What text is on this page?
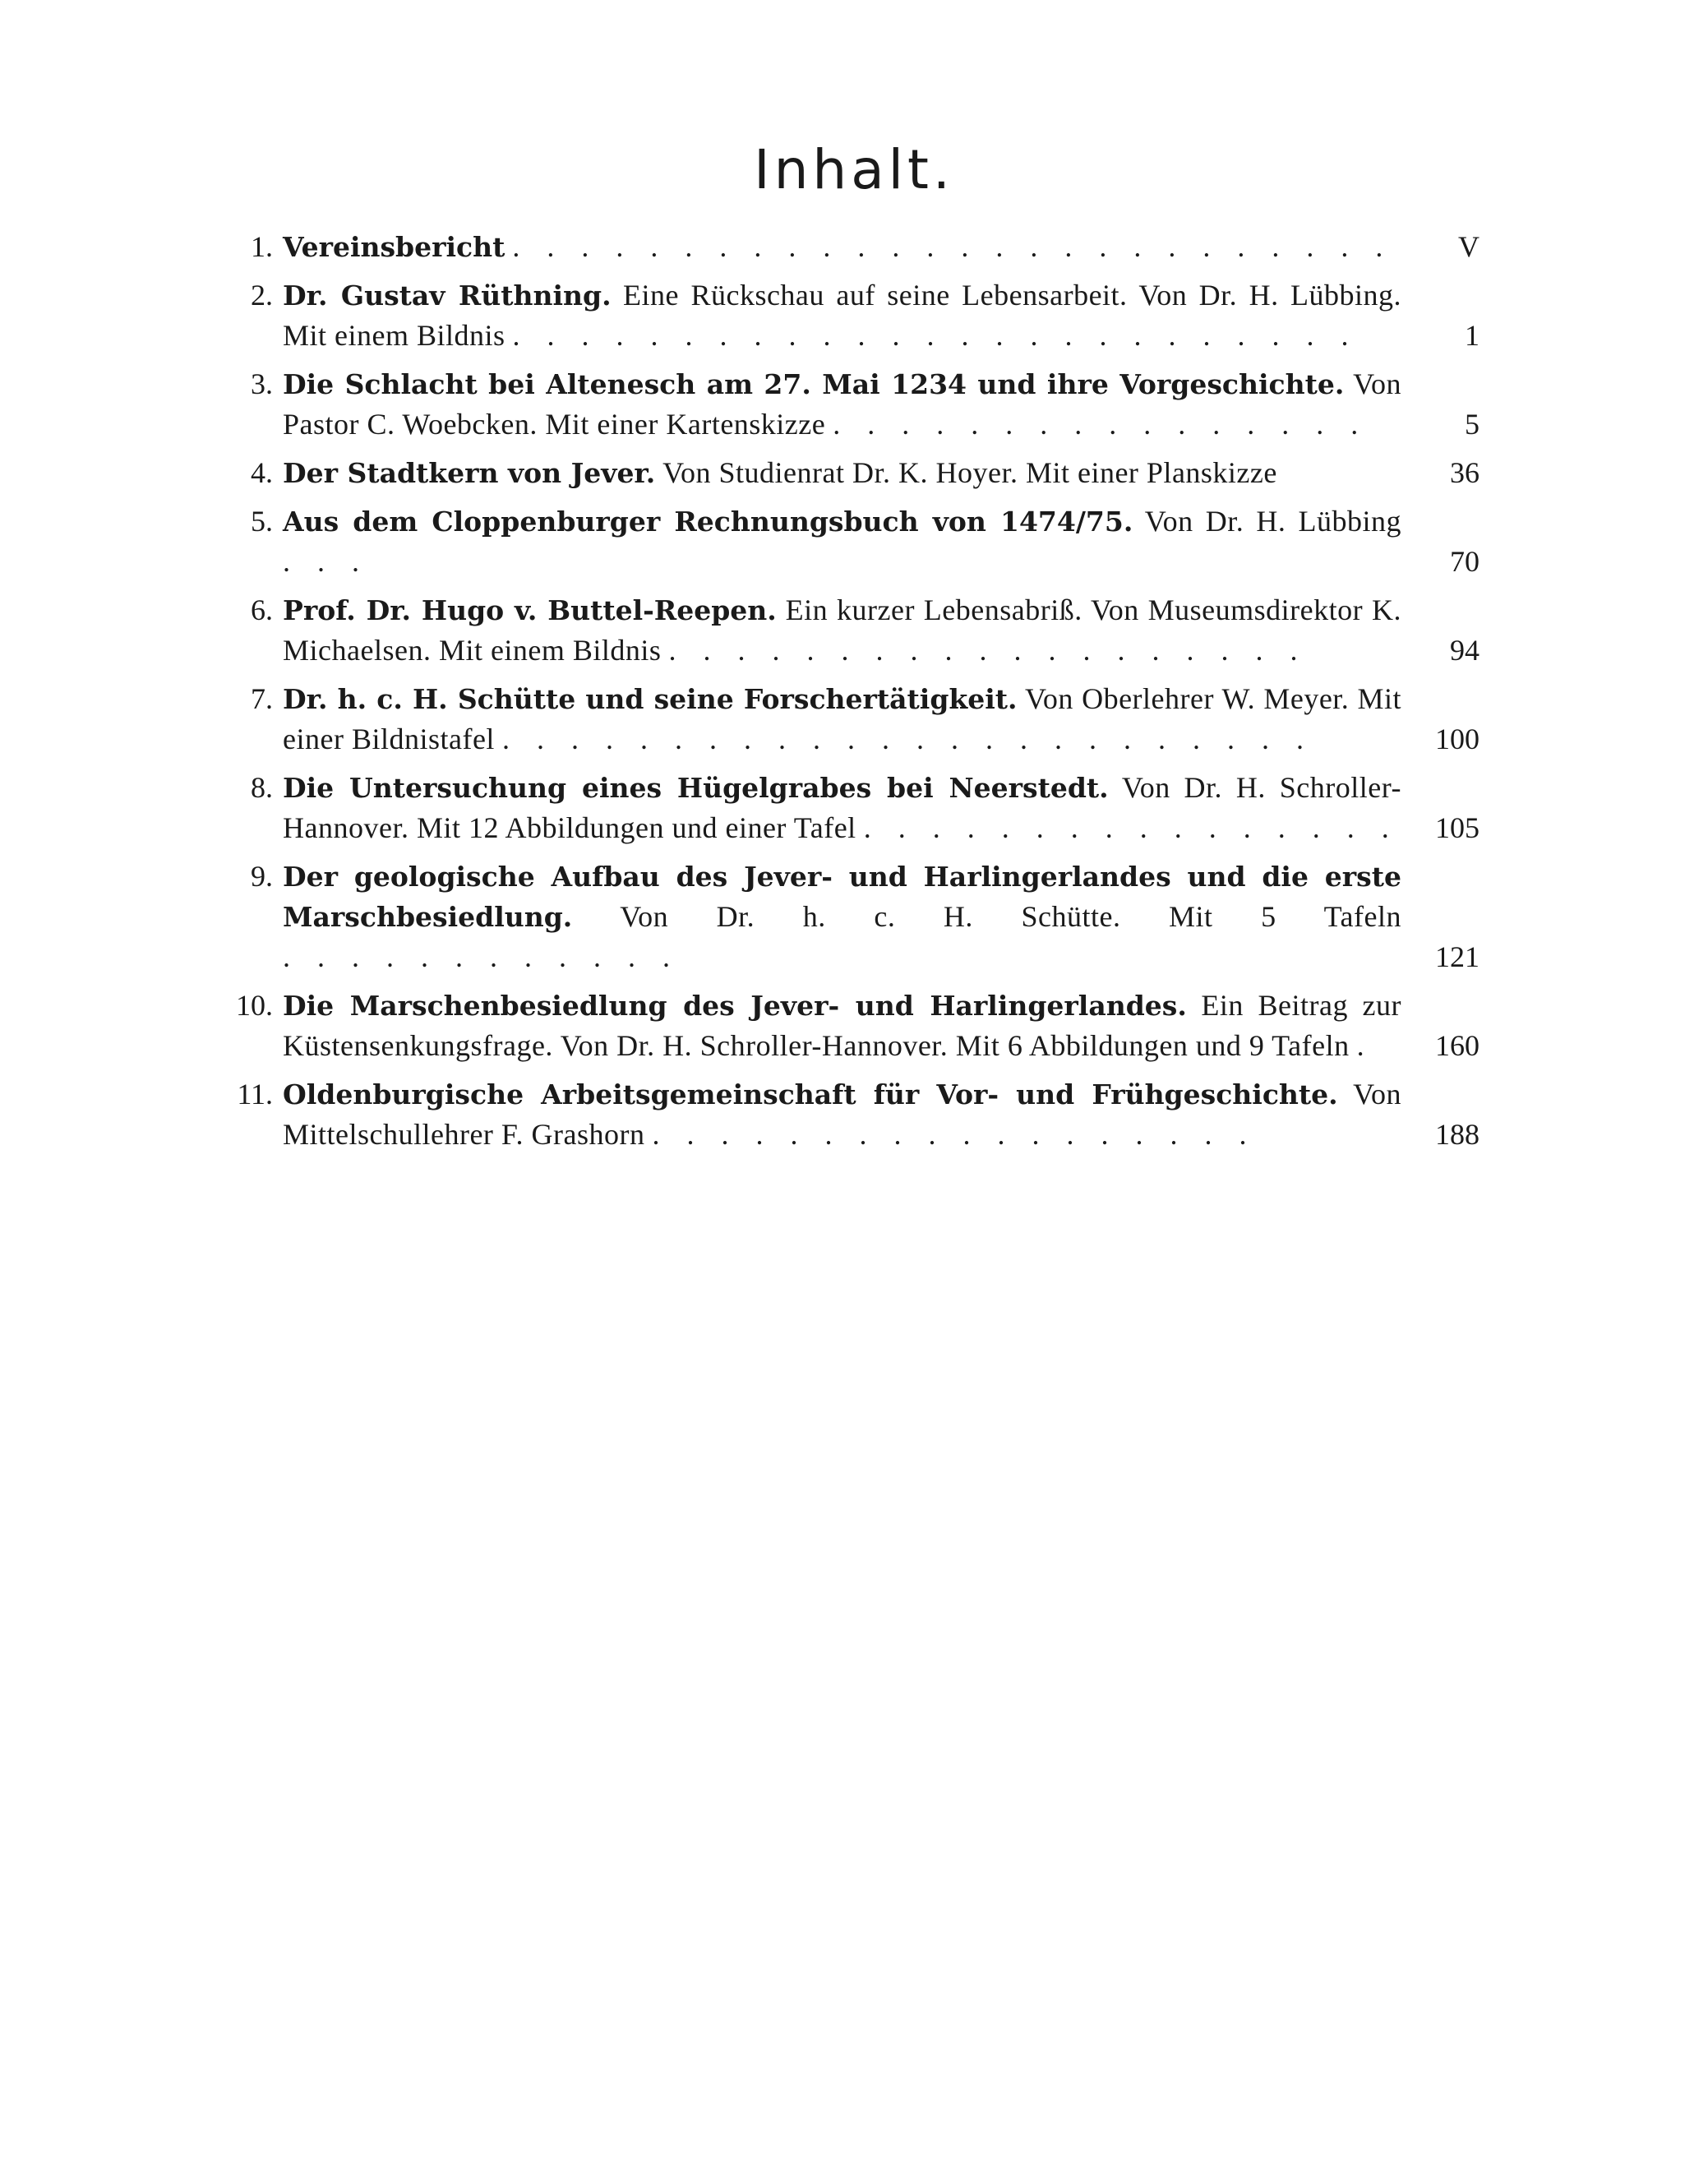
Inhalt.
1. Vereinsbericht . . . . . . . . . . . . . . . . . . . . . . . . . .	V
2. Dr. Gustav Rüthning. Eine Rückschau auf seine Lebensarbeit. Von Dr. H. Lübbing. Mit einem Bildnis . . . . . . . . . . . . . . . . . . . . . . . . .	1
3. Die Schlacht bei Altenesch am 27. Mai 1234 und ihre Vorgeschichte. Von Pastor C. Woebcken. Mit einer Kartenskizze . . . . . . . . . . . . . . . .	5
4. Der Stadtkern von Jever. Von Studienrat Dr. K. Hoyer. Mit einer Planskizze	36
5. Aus dem Cloppenburger Rechnungsbuch von 1474/75. Von Dr. H. Lübbing . . .	70
6. Prof. Dr. Hugo v. Buttel-Reepen. Ein kurzer Lebensabriß. Von Museumsdirektor K. Michaelsen. Mit einem Bildnis . . . . . . . . . . . . . . . . . . .	94
7. Dr. h. c. H. Schütte und seine Forschertätigkeit. Von Oberlehrer W. Meyer. Mit einer Bildnistafel . . . . . . . . . . . . . . . . . . . . . . . .	100
8. Die Untersuchung eines Hügelgrabes bei Neerstedt. Von Dr. H. Schroller-Hannover. Mit 12 Abbildungen und einer Tafel . . . . . . . . . . . . . . . .	105
9. Der geologische Aufbau des Jever- und Harlingerlandes und die erste Marschbesiedlung. Von Dr. h. c. H. Schütte. Mit 5 Tafeln . . . . . . . . . . . .	121
10. Die Marschenbesiedlung des Jever- und Harlingerlandes. Ein Beitrag zur Küstensenkungsfrage. Von Dr. H. Schroller-Hannover. Mit 6 Abbildungen und 9 Tafeln .	160
11. Oldenburgische Arbeitsgemeinschaft für Vor- und Frühgeschichte. Von Mittelschullehrer F. Grashorn . . . . . . . . . . . . . . . . . .	188
